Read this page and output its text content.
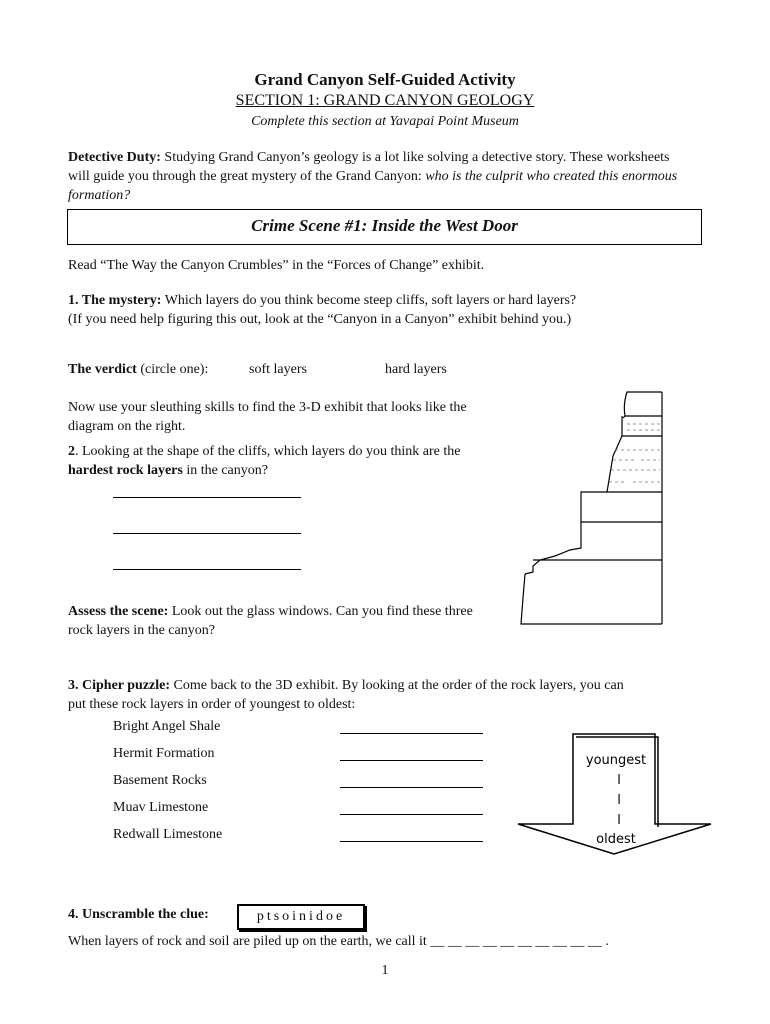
Grand Canyon Self-Guided Activity
SECTION 1: GRAND CANYON GEOLOGY
Complete this section at Yavapai Point Museum
Detective Duty: Studying Grand Canyon’s geology is a lot like solving a detective story. These worksheets will guide you through the great mystery of the Grand Canyon: who is the culprit who created this enormous formation?
Crime Scene #1: Inside the West Door
Read “The Way the Canyon Crumbles” in the “Forces of Change” exhibit.
1. The mystery: Which layers do you think become steep cliffs, soft layers or hard layers?
(If you need help figuring this out, look at the “Canyon in a Canyon” exhibit behind you.)
The verdict (circle one):	soft layers	hard layers
Now use your sleuthing skills to find the 3-D exhibit that looks like the diagram on the right.
2. Looking at the shape of the cliffs, which layers do you think are the hardest rock layers in the canyon?
Assess the scene: Look out the glass windows. Can you find these three rock layers in the canyon?
3. Cipher puzzle: Come back to the 3D exhibit. By looking at the order of the rock layers, you can put these rock layers in order of youngest to oldest:
Bright Angel Shale
Hermit Formation
Basement Rocks
Muav Limestone
Redwall Limestone
youngest
l
l
l
oldest
4. Unscramble the clue:	ptsoinidoe
When layers of rock and soil are piled up on the earth, we call it __ __ __ __ __ __ __ __ __ __ .
1
